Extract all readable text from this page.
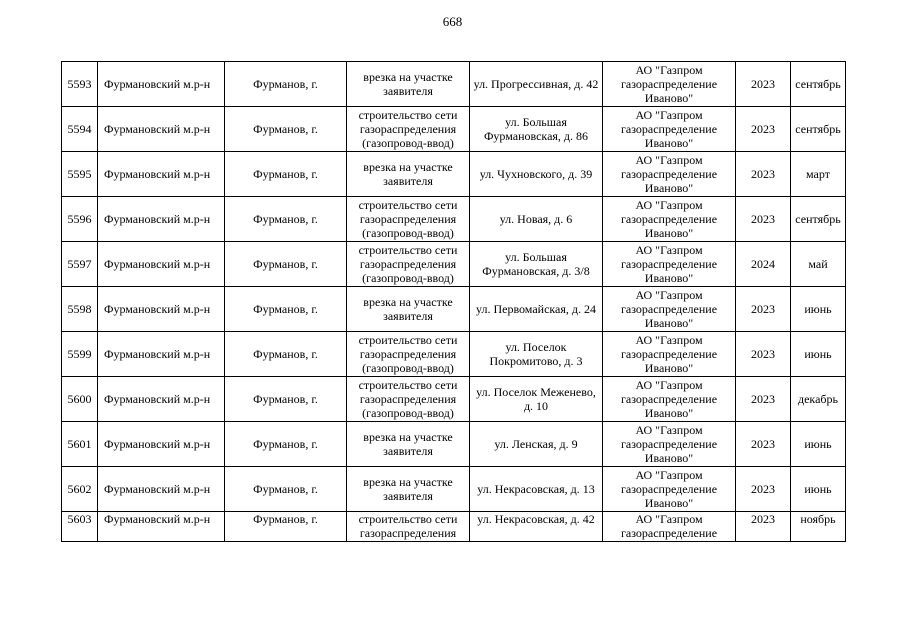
668
5593	Фурмановский м.р-н	Фурманов, г.	врезка на участке заявителя	ул. Прогрессивная, д. 42	АО "Газпром газораспределение Иваново"	2023	сентябрь
5594	Фурмановский м.р-н	Фурманов, г.	строительство сети газораспределения (газопровод-ввод)	ул. Большая Фурмановская, д. 86	АО "Газпром газораспределение Иваново"	2023	сентябрь
5595	Фурмановский м.р-н	Фурманов, г.	врезка на участке заявителя	ул. Чухновского, д. 39	АО "Газпром газораспределение Иваново"	2023	март
5596	Фурмановский м.р-н	Фурманов, г.	строительство сети газораспределения (газопровод-ввод)	ул. Новая, д. 6	АО "Газпром газораспределение Иваново"	2023	сентябрь
5597	Фурмановский м.р-н	Фурманов, г.	строительство сети газораспределения (газопровод-ввод)	ул. Большая Фурмановская, д. 3/8	АО "Газпром газораспределение Иваново"	2024	май
5598	Фурмановский м.р-н	Фурманов, г.	врезка на участке заявителя	ул. Первомайская, д. 24	АО "Газпром газораспределение Иваново"	2023	июнь
5599	Фурмановский м.р-н	Фурманов, г.	строительство сети газораспределения (газопровод-ввод)	ул. Поселок Покромитово, д. 3	АО "Газпром газораспределение Иваново"	2023	июнь
5600	Фурмановский м.р-н	Фурманов, г.	строительство сети газораспределения (газопровод-ввод)	ул. Поселок Меженево, д. 10	АО "Газпром газораспределение Иваново"	2023	декабрь
5601	Фурмановский м.р-н	Фурманов, г.	врезка на участке заявителя	ул. Ленская, д. 9	АО "Газпром газораспределение Иваново"	2023	июнь
5602	Фурмановский м.р-н	Фурманов, г.	врезка на участке заявителя	ул. Некрасовская, д. 13	АО "Газпром газораспределение Иваново"	2023	июнь
5603	Фурмановский м.р-н	Фурманов, г.	строительство сети газораспределения	ул. Некрасовская, д. 42	АО "Газпром газораспределение	2023	ноябрь
